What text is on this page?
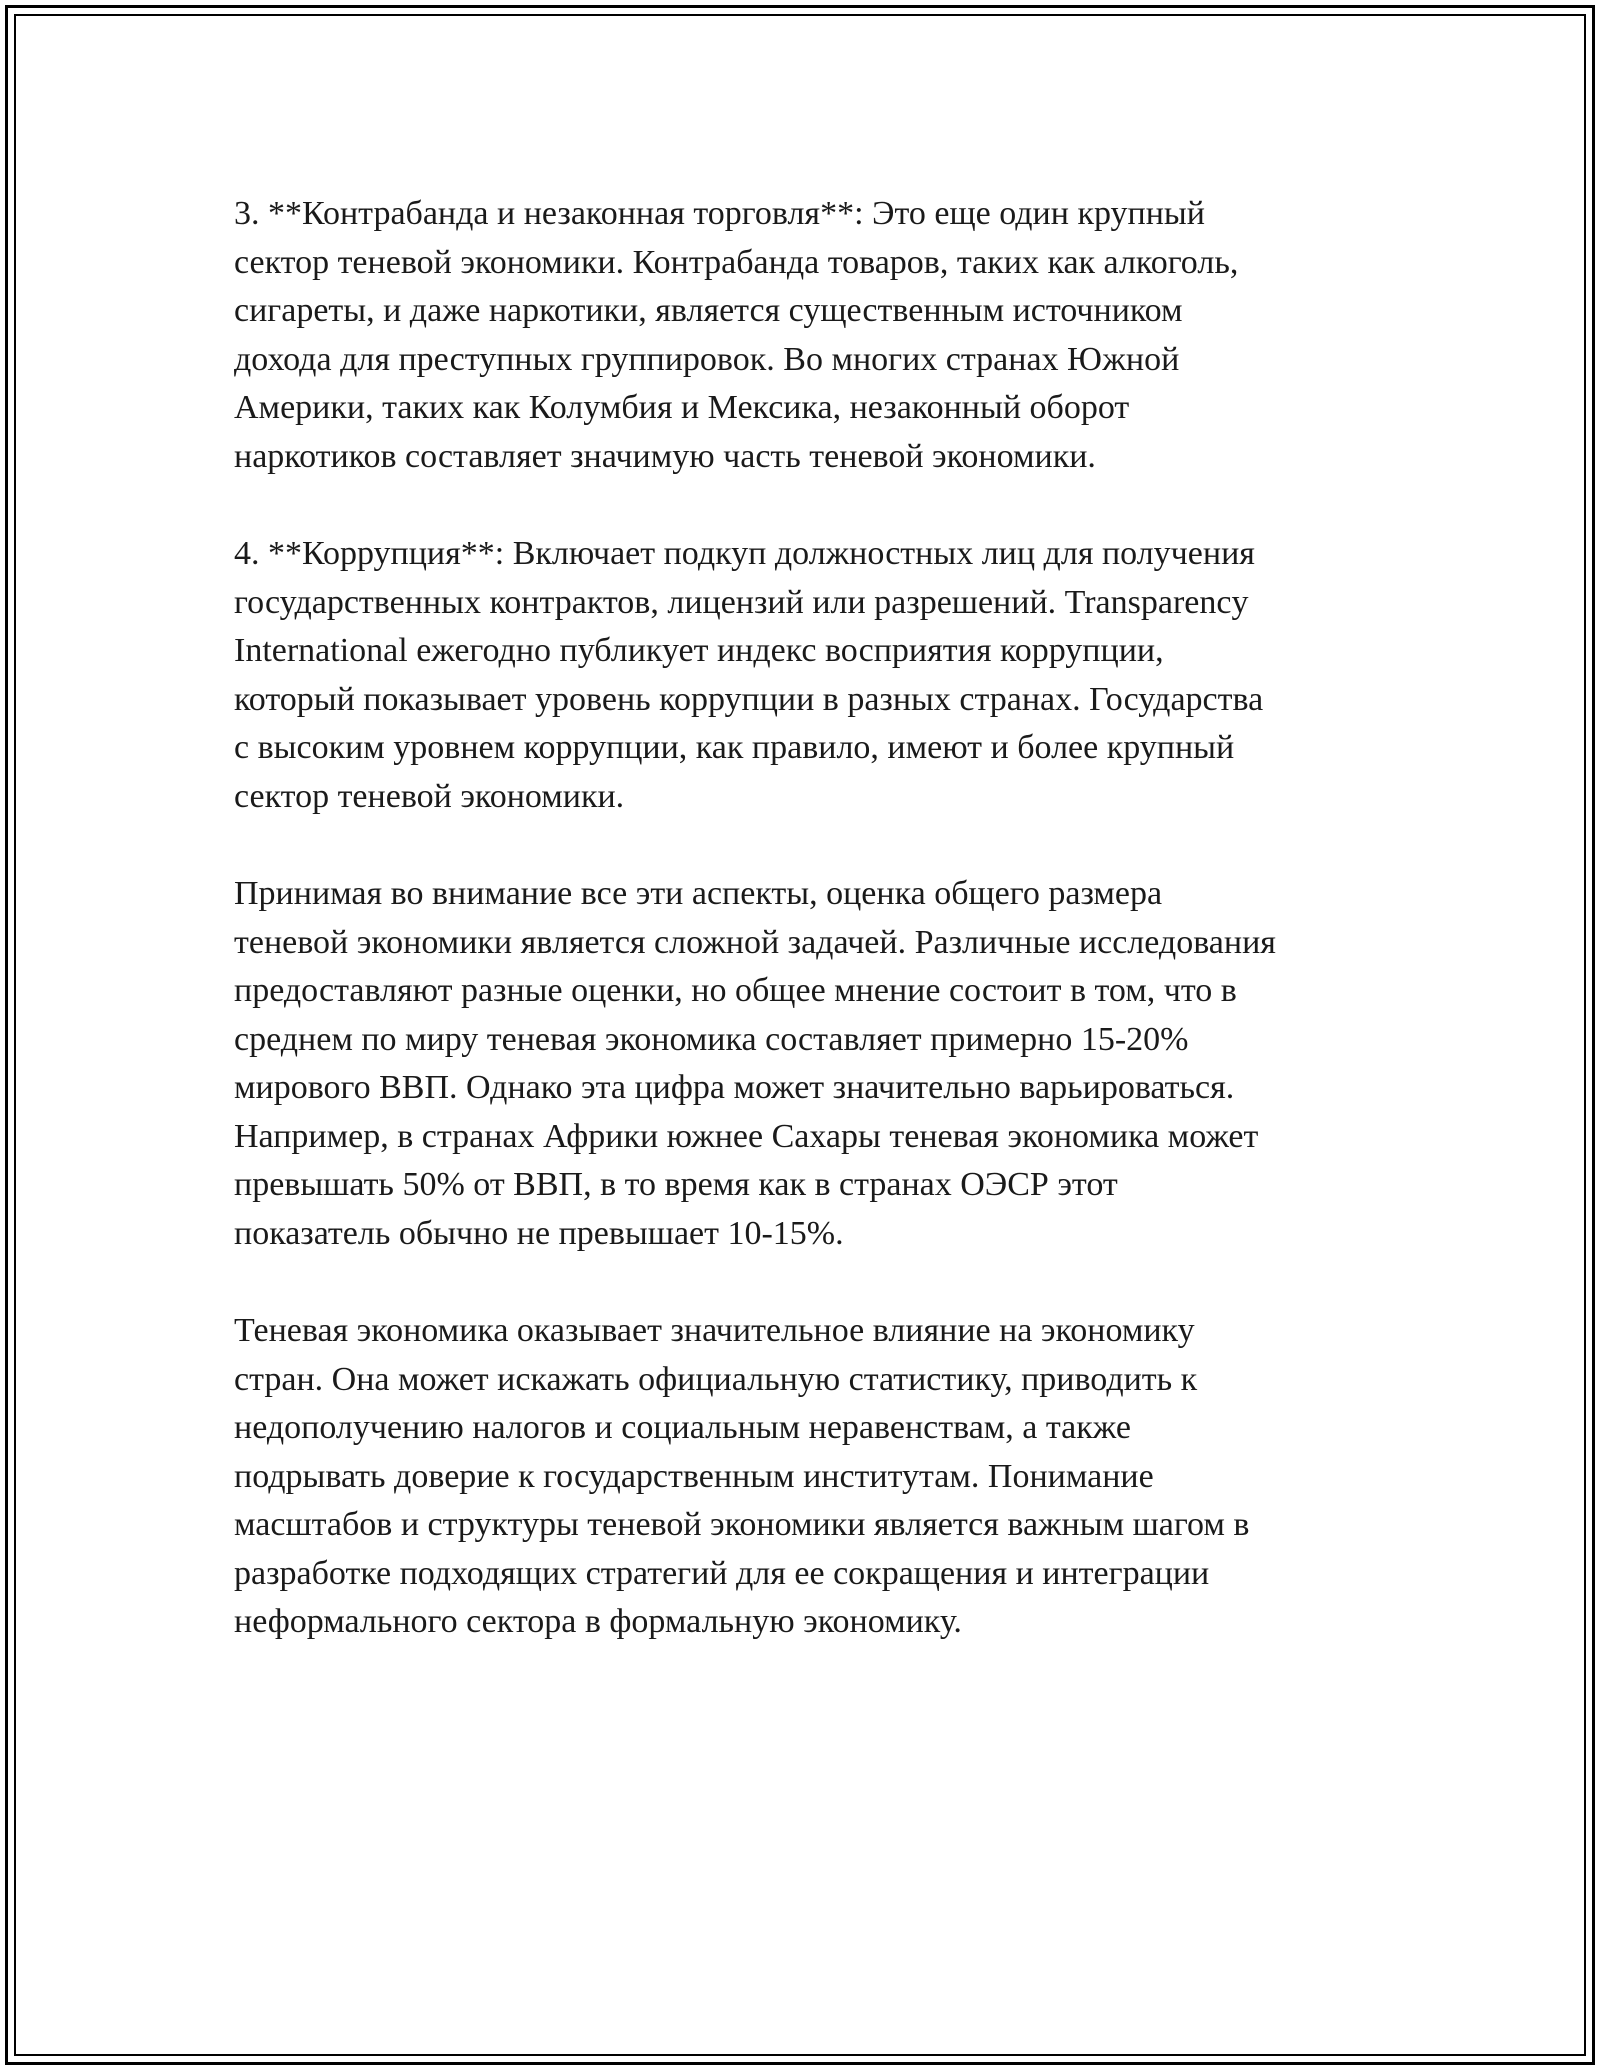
3. **Контрабанда и незаконная торговля**: Это еще один крупный
сектор теневой экономики. Контрабанда товаров, таких как алкоголь,
сигареты, и даже наркотики, является существенным источником
дохода для преступных группировок. Во многих странах Южной
Америки, таких как Колумбия и Мексика, незаконный оборот
наркотиков составляет значимую часть теневой экономики.

4. **Коррупция**: Включает подкуп должностных лиц для получения
государственных контрактов, лицензий или разрешений. Transparency
International ежегодно публикует индекс восприятия коррупции,
который показывает уровень коррупции в разных странах. Государства
с высоким уровнем коррупции, как правило, имеют и более крупный
сектор теневой экономики.

Принимая во внимание все эти аспекты, оценка общего размера
теневой экономики является сложной задачей. Различные исследования
предоставляют разные оценки, но общее мнение состоит в том, что в
среднем по миру теневая экономика составляет примерно 15-20%
мирового ВВП. Однако эта цифра может значительно варьироваться.
Например, в странах Африки южнее Сахары теневая экономика может
превышать 50% от ВВП, в то время как в странах ОЭСР этот
показатель обычно не превышает 10-15%.

Теневая экономика оказывает значительное влияние на экономику
стран. Она может искажать официальную статистику, приводить к
недополучению налогов и социальным неравенствам, а также
подрывать доверие к государственным институтам. Понимание
масштабов и структуры теневой экономики является важным шагом в
разработке подходящих стратегий для ее сокращения и интеграции
неформального сектора в формальную экономику.
